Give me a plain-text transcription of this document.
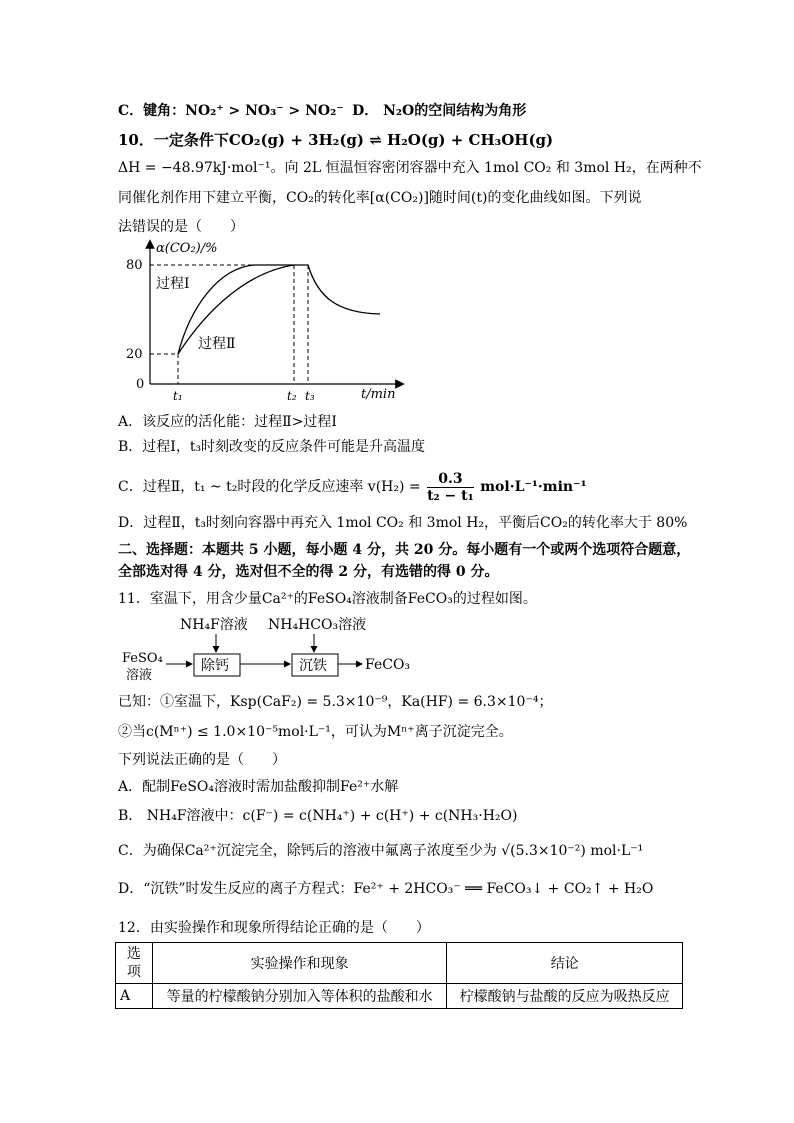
C．键角：NO₂⁺ > NO₃⁻ > NO₂⁻ D． N₂O的空间结构为角形
10．一定条件下CO₂(g) + 3H₂(g) ⇌ H₂O(g) + CH₃OH(g)
ΔH = −48.97kJ·mol⁻¹。向 2L 恒温恒容密闭容器中充入 1mol CO₂ 和 3mol H₂，在两种不
同催化剂作用下建立平衡，CO₂的转化率[α(CO₂)]随时间(t)的变化曲线如图。下列说
法错误的是（　　）
α(CO₂)/%
t/min
80
20
0
t₁	t₂ t₃
过程Ⅰ
过程Ⅱ
A．该反应的活化能：过程Ⅱ>过程Ⅰ
B．过程Ⅰ，t₃时刻改变的反应条件可能是升高温度
C．过程Ⅱ，t₁ ~ t₂时段的化学反应速率 $v(H_2) = \frac{0.3}{\text{t₂ − t₁}} mol\cdot L^{-1}\cdot\min^{-1}$
D．过程Ⅱ，t₃时刻向容器中再充入 1mol CO₂ 和 3mol H₂，平衡后CO₂的转化率大于 80%
二、选择题：本题共 5 小题，每小题 4 分，共 20 分。每小题有一个或两个选项符合题意，
全部选对得 4 分，选对但不全的得 2 分，有选错的得 0 分。
11．室温下，用含少量Ca²⁺的FeSO₄溶液制备FeCO₃的过程如图。
NH₄F溶液 NH₄HCO₃溶液
FeSO₄
溶液
除钙	沉铁	FeCO₃
已知：①室温下，Ksp(CaF₂) = 5.3×10⁻⁹，Ka(HF) = 6.3×10⁻⁴；
②当c(Mⁿ⁺) ≤ 1.0×10⁻⁵mol·L⁻¹，可认为Mⁿ⁺离子沉淀完全。
下列说法正确的是（　　）
A．配制FeSO₄溶液时需加盐酸抑制Fe²⁺水解
B． NH₄F溶液中：c(F⁻) = c(NH₄⁺) + c(H⁺) + c(NH₃·H₂O)
C．为确保Ca²⁺沉淀完全，除钙后的溶液中氟离子浓度至少为 √(5.3×10⁻²) mol·L⁻¹
D．“沉铁”时发生反应的离子方程式：Fe²⁺ + 2HCO₃⁻ ══ FeCO₃↓ + CO₂↑ + H₂O
12．由实验操作和现象所得结论正确的是（　　）
选项	实验操作和现象	结论
A	等量的柠檬酸钠分别加入等体积的盐酸和水	柠檬酸钠与盐酸的反应为吸热反应
